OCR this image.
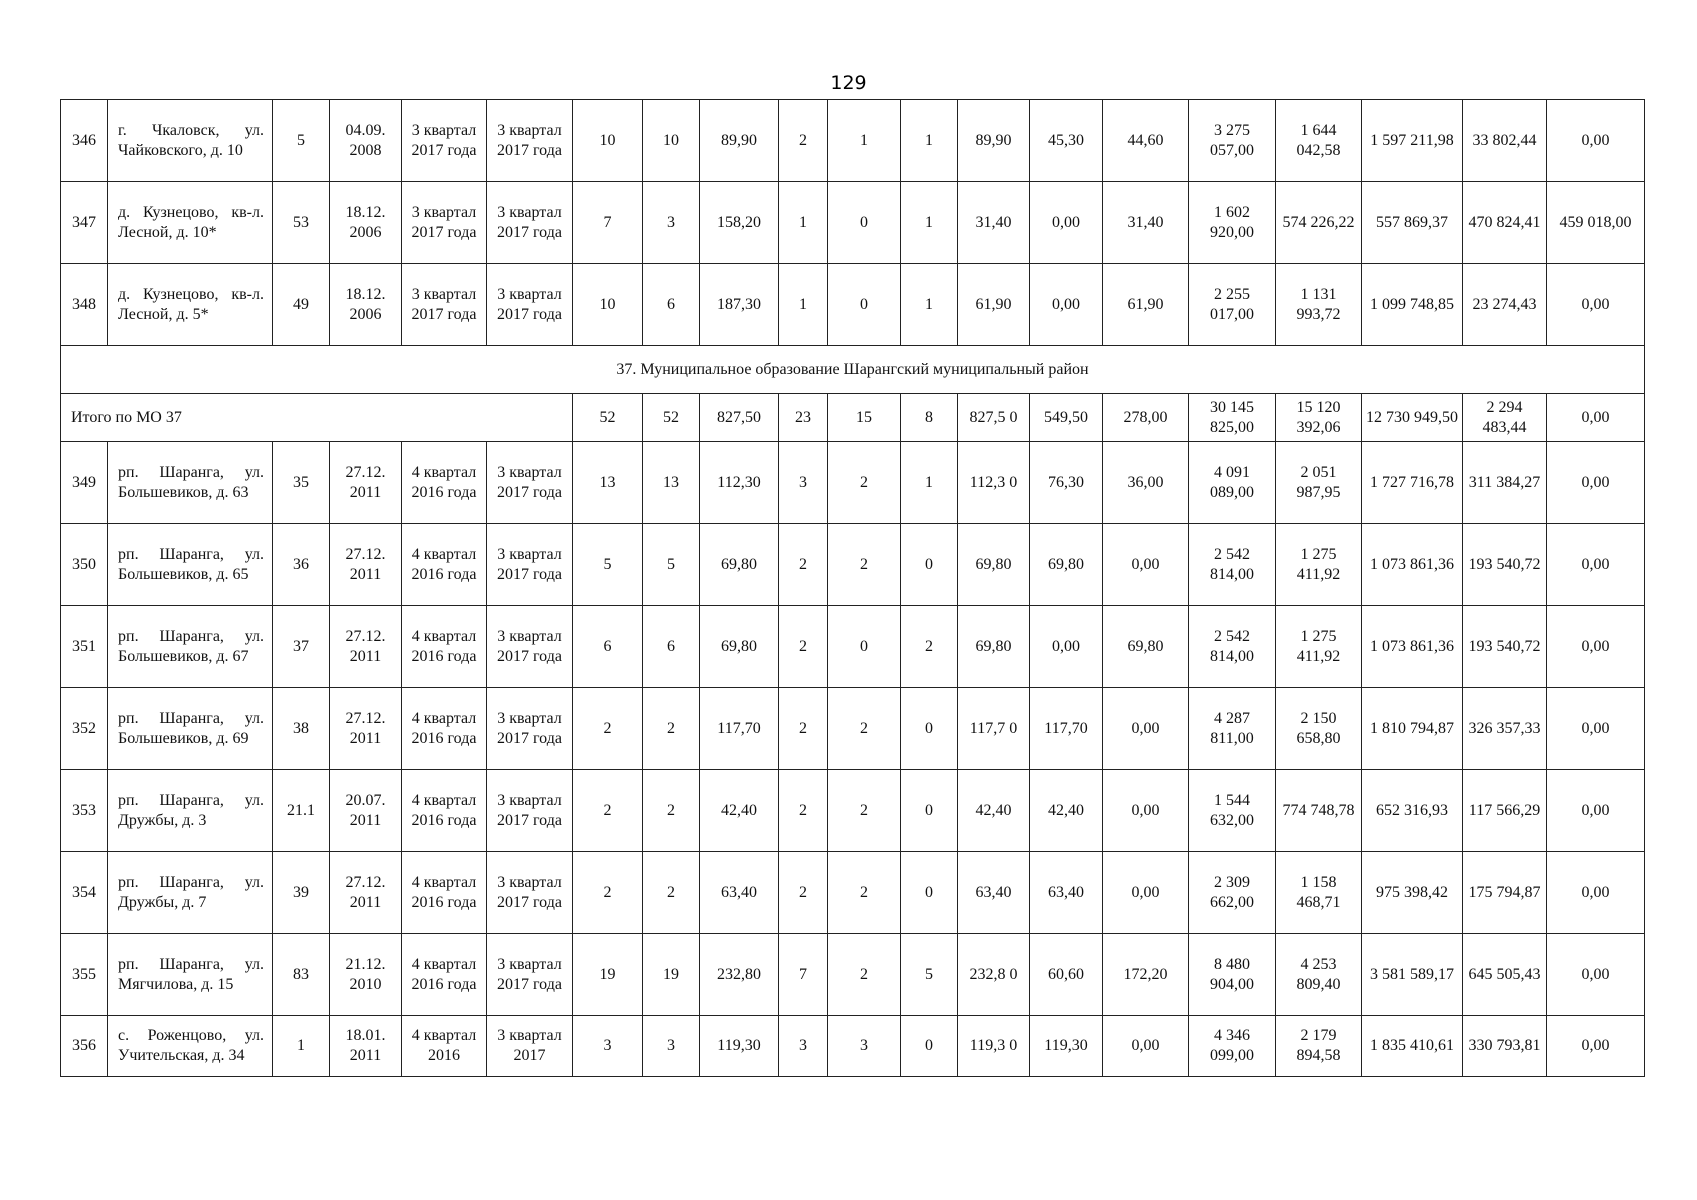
129
346	г. Чкаловск, ул. Чайковского, д. 10	5	04.09. 2008	3 квартал 2017 года	3 квартал 2017 года	10	10	89,90	2	1	1	89,90	45,30	44,60	3 275 057,00	1 644 042,58	1 597 211,98	33 802,44	0,00
347	д. Кузнецово, кв-л. Лесной, д. 10*	53	18.12. 2006	3 квартал 2017 года	3 квартал 2017 года	7	3	158,20	1	0	1	31,40	0,00	31,40	1 602 920,00	574 226,22	557 869,37	470 824,41	459 018,00
348	д. Кузнецово, кв-л. Лесной, д. 5*	49	18.12. 2006	3 квартал 2017 года	3 квартал 2017 года	10	6	187,30	1	0	1	61,90	0,00	61,90	2 255 017,00	1 131 993,72	1 099 748,85	23 274,43	0,00
37. Муниципальное образование Шарангский муниципальный район																			
Итого по МО 37						52	52	827,50	23	15	8	827,5 0	549,50	278,00	30 145 825,00	15 120 392,06	12 730 949,50	2 294 483,44	0,00
349	рп. Шаранга, ул. Большевиков, д. 63	35	27.12. 2011	4 квартал 2016 года	3 квартал 2017 года	13	13	112,30	3	2	1	112,3 0	76,30	36,00	4 091 089,00	2 051 987,95	1 727 716,78	311 384,27	0,00
350	рп. Шаранга, ул. Большевиков, д. 65	36	27.12. 2011	4 квартал 2016 года	3 квартал 2017 года	5	5	69,80	2	2	0	69,80	69,80	0,00	2 542 814,00	1 275 411,92	1 073 861,36	193 540,72	0,00
351	рп. Шаранга, ул. Большевиков, д. 67	37	27.12. 2011	4 квартал 2016 года	3 квартал 2017 года	6	6	69,80	2	0	2	69,80	0,00	69,80	2 542 814,00	1 275 411,92	1 073 861,36	193 540,72	0,00
352	рп. Шаранга, ул. Большевиков, д. 69	38	27.12. 2011	4 квартал 2016 года	3 квартал 2017 года	2	2	117,70	2	2	0	117,7 0	117,70	0,00	4 287 811,00	2 150 658,80	1 810 794,87	326 357,33	0,00
353	рп. Шаранга, ул. Дружбы, д. 3	21.1	20.07. 2011	4 квартал 2016 года	3 квартал 2017 года	2	2	42,40	2	2	0	42,40	42,40	0,00	1 544 632,00	774 748,78	652 316,93	117 566,29	0,00
354	рп. Шаранга, ул. Дружбы, д. 7	39	27.12. 2011	4 квартал 2016 года	3 квартал 2017 года	2	2	63,40	2	2	0	63,40	63,40	0,00	2 309 662,00	1 158 468,71	975 398,42	175 794,87	0,00
355	рп. Шаранга, ул. Мягчилова, д. 15	83	21.12. 2010	4 квартал 2016 года	3 квартал 2017 года	19	19	232,80	7	2	5	232,8 0	60,60	172,20	8 480 904,00	4 253 809,40	3 581 589,17	645 505,43	0,00
356	с. Роженцово, ул. Учительская, д. 34	1	18.01. 2011	4 квартал 2016	3 квартал 2017	3	3	119,30	3	3	0	119,3 0	119,30	0,00	4 346 099,00	2 179 894,58	1 835 410,61	330 793,81	0,00
